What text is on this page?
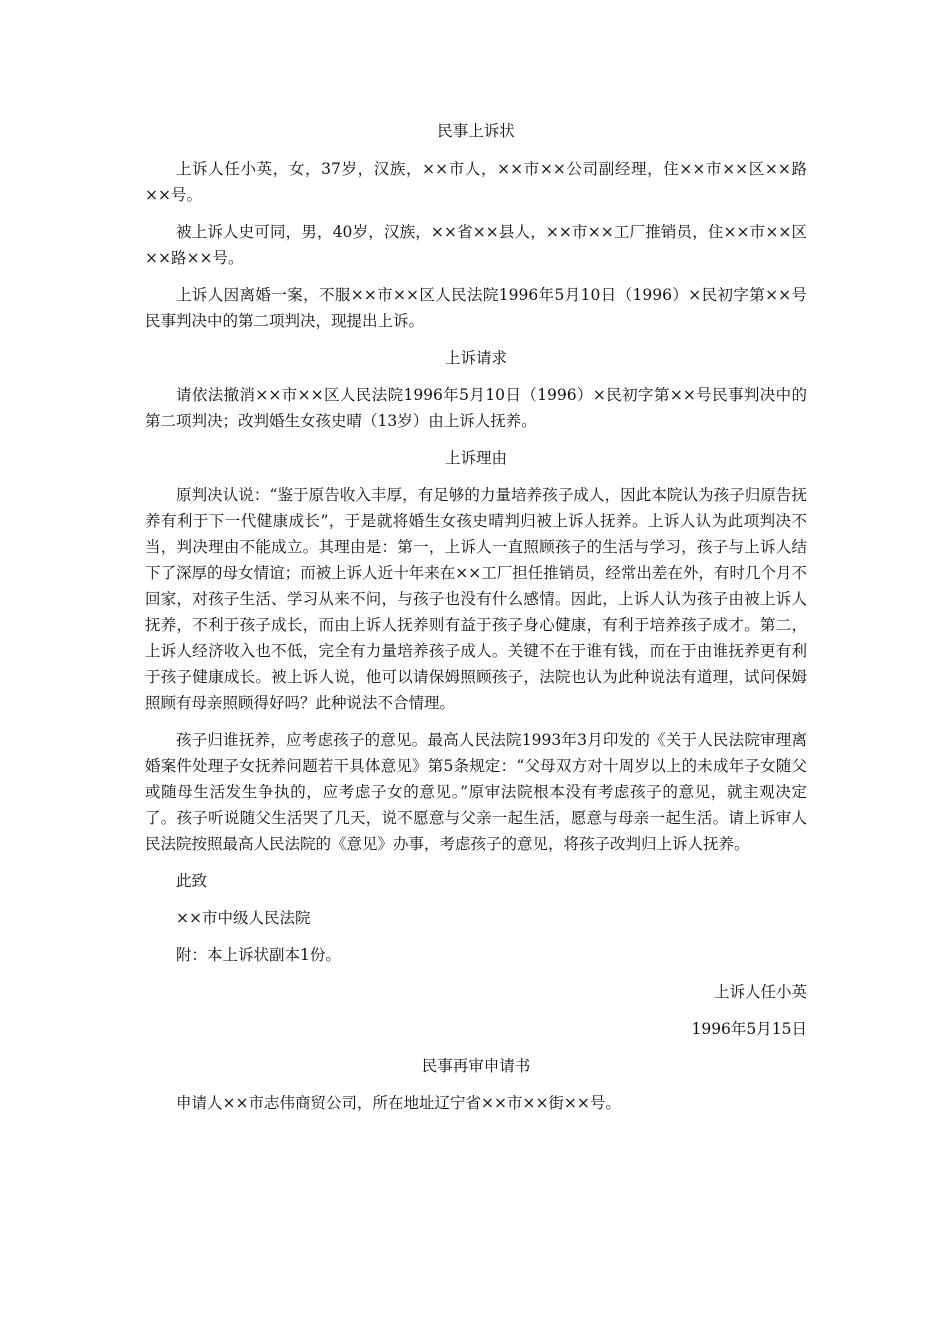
民事上诉状

上诉人任小英，女，37岁，汉族，××市人，××市××公司副经理，住××市××区××路××号。

被上诉人史可同，男，40岁，汉族，××省××县人，××市××工厂推销员，住××市××区××路××号。

上诉人因离婚一案，不服××市××区人民法院1996年5月10日（1996）×民初字第××号民事判决中的第二项判决，现提出上诉。

上诉请求

请依法撤消××市××区人民法院1996年5月10日（1996）×民初字第××号民事判决中的第二项判决；改判婚生女孩史晴（13岁）由上诉人抚养。

上诉理由

原判决认说：“鉴于原告收入丰厚，有足够的力量培养孩子成人，因此本院认为孩子归原告抚养有利于下一代健康成长”，于是就将婚生女孩史晴判归被上诉人抚养。上诉人认为此项判决不当，判决理由不能成立。其理由是：第一，上诉人一直照顾孩子的生活与学习，孩子与上诉人结下了深厚的母女情谊；而被上诉人近十年来在××工厂担任推销员，经常出差在外，有时几个月不回家，对孩子生活、学习从来不问，与孩子也没有什么感情。因此，上诉人认为孩子由被上诉人抚养，不利于孩子成长，而由上诉人抚养则有益于孩子身心健康，有利于培养孩子成才。第二，上诉人经济收入也不低，完全有力量培养孩子成人。关键不在于谁有钱，而在于由谁抚养更有利于孩子健康成长。被上诉人说，他可以请保姆照顾孩子，法院也认为此种说法有道理，试问保姆照顾有母亲照顾得好吗？此种说法不合情理。

孩子归谁抚养，应考虑孩子的意见。最高人民法院1993年3月印发的《关于人民法院审理离婚案件处理子女抚养问题若干具体意见》第5条规定：“父母双方对十周岁以上的未成年子女随父或随母生活发生争执的，应考虑子女的意见。”原审法院根本没有考虑孩子的意见，就主观决定了。孩子听说随父生活哭了几天，说不愿意与父亲一起生活，愿意与母亲一起生活。请上诉审人民法院按照最高人民法院的《意见》办事，考虑孩子的意见，将孩子改判归上诉人抚养。

此致

××市中级人民法院

附：本上诉状副本1份。

上诉人任小英
1996年5月15日
民事再审申请书

申请人××市志伟商贸公司，所在地址辽宁省××市××街××号。
